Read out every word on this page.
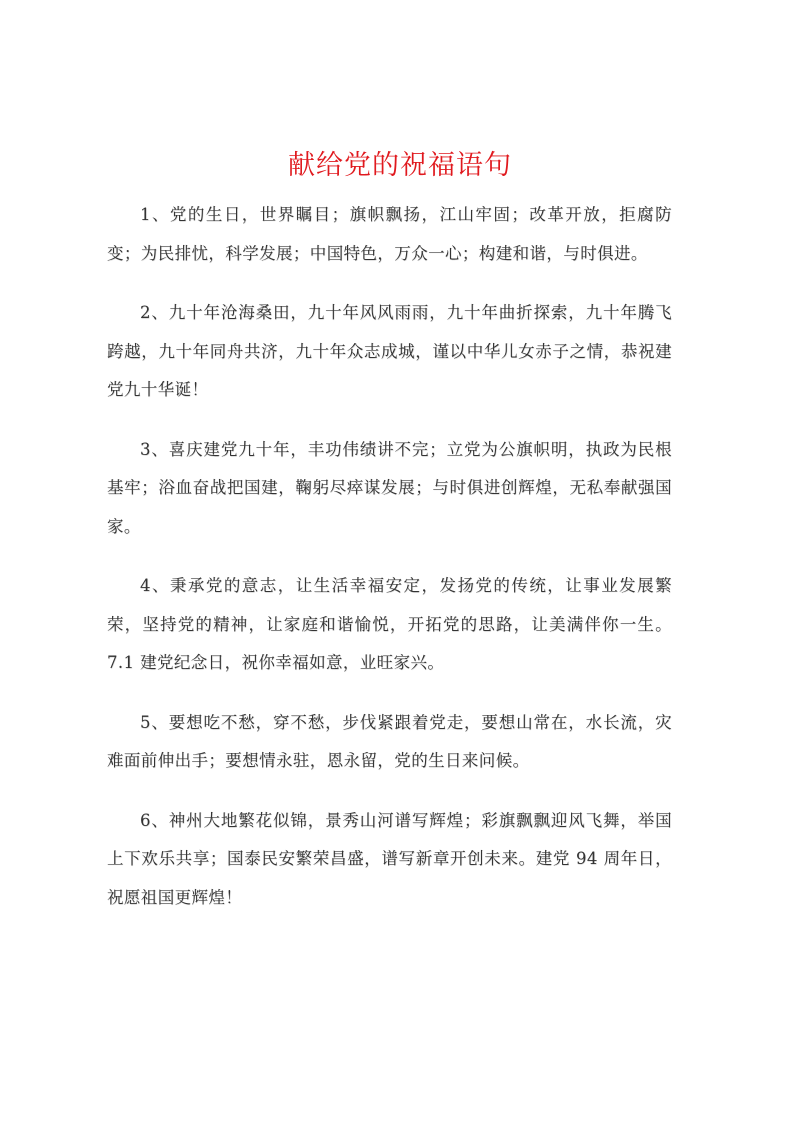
献给党的祝福语句

1、党的生日，世界瞩目；旗帜飘扬，江山牢固；改革开放，拒腐防变；为民排忧，科学发展；中国特色，万众一心；构建和谐，与时俱进。

2、九十年沧海桑田，九十年风风雨雨，九十年曲折探索，九十年腾飞跨越，九十年同舟共济，九十年众志成城，谨以中华儿女赤子之情，恭祝建党九十华诞！

3、喜庆建党九十年，丰功伟绩讲不完；立党为公旗帜明，执政为民根基牢；浴血奋战把国建，鞠躬尽瘁谋发展；与时俱进创辉煌，无私奉献强国家。

4、秉承党的意志，让生活幸福安定，发扬党的传统，让事业发展繁荣，坚持党的精神，让家庭和谐愉悦，开拓党的思路，让美满伴你一生。7.1 建党纪念日，祝你幸福如意，业旺家兴。

5、要想吃不愁，穿不愁，步伐紧跟着党走，要想山常在，水长流，灾难面前伸出手；要想情永驻，恩永留，党的生日来问候。

6、神州大地繁花似锦，景秀山河谱写辉煌；彩旗飘飘迎风飞舞，举国上下欢乐共享；国泰民安繁荣昌盛，谱写新章开创未来。建党 94 周年日，祝愿祖国更辉煌！
